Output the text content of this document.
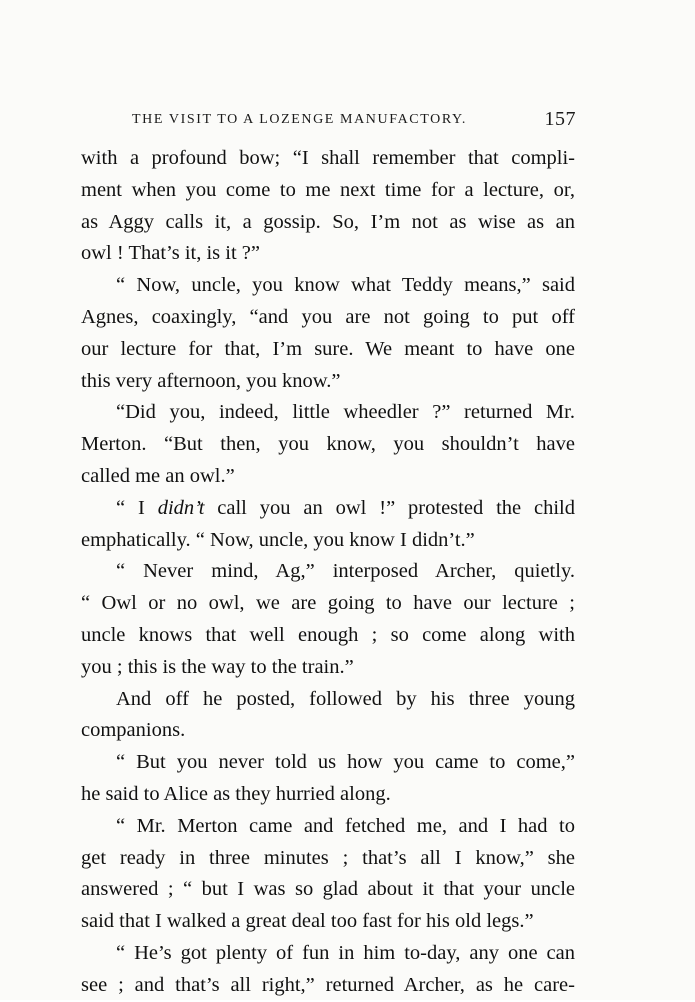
THE VISIT TO A LOZENGE MANUFACTORY.	157
with a profound bow; “I shall remember that compli-
ment when you come to me next time for a lecture, or,
as Aggy calls it, a gossip. So, I’m not as wise as an
owl ! That’s it, is it ?”
“ Now, uncle, you know what Teddy means,” said
Agnes, coaxingly, “and you are not going to put off
our lecture for that, I’m sure. We meant to have one
this very afternoon, you know.”
“Did you, indeed, little wheedler ?” returned Mr.
Merton. “But then, you know, you shouldn’t have
called me an owl.”
“ I didn’t call you an owl !” protested the child
emphatically. “ Now, uncle, you know I didn’t.”
“ Never mind, Ag,” interposed Archer, quietly.
“ Owl or no owl, we are going to have our lecture ;
uncle knows that well enough ; so come along with
you ; this is the way to the train.”
And off he posted, followed by his three young
companions.
“ But you never told us how you came to come,”
he said to Alice as they hurried along.
“ Mr. Merton came and fetched me, and I had to
get ready in three minutes ; that’s all I know,” she
answered ; “ but I was so glad about it that your uncle
said that I walked a great deal too fast for his old legs.”
“ He’s got plenty of fun in him to-day, any one can
see ; and that’s all right,” returned Archer, as he care-
